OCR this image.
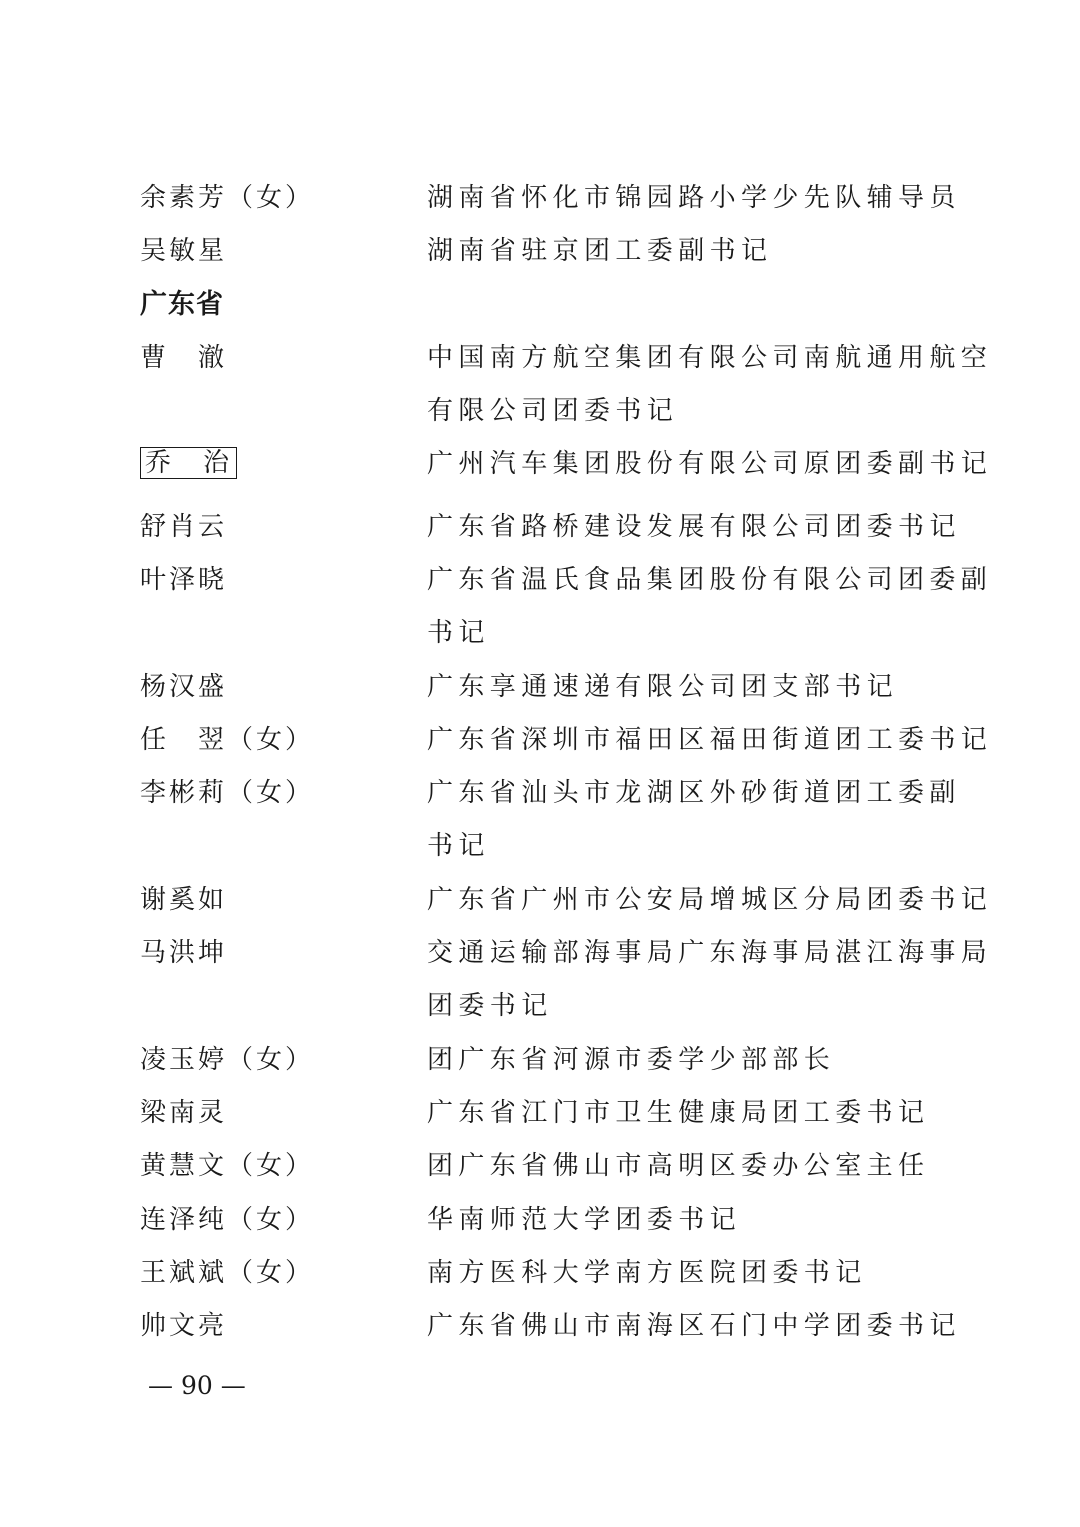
余素芳（女）	湖南省怀化市锦园路小学少先队辅导员
吴敏星	湖南省驻京团工委副书记
广东省
曹　澈	中国南方航空集团有限公司南航通用航空
有限公司团委书记
乔　治	广州汽车集团股份有限公司原团委副书记
舒肖云	广东省路桥建设发展有限公司团委书记
叶泽晓	广东省温氏食品集团股份有限公司团委副
书记
杨汉盛	广东享通速递有限公司团支部书记
任　翌（女）	广东省深圳市福田区福田街道团工委书记
李彬莉（女）	广东省汕头市龙湖区外砂街道团工委副
书记
谢奚如	广东省广州市公安局增城区分局团委书记
马洪坤	交通运输部海事局广东海事局湛江海事局
团委书记
凌玉婷（女）	团广东省河源市委学少部部长
梁南灵	广东省江门市卫生健康局团工委书记
黄慧文（女）	团广东省佛山市高明区委办公室主任
连泽纯（女）	华南师范大学团委书记
王斌斌（女）	南方医科大学南方医院团委书记
帅文亮	广东省佛山市南海区石门中学团委书记
— 90 —
